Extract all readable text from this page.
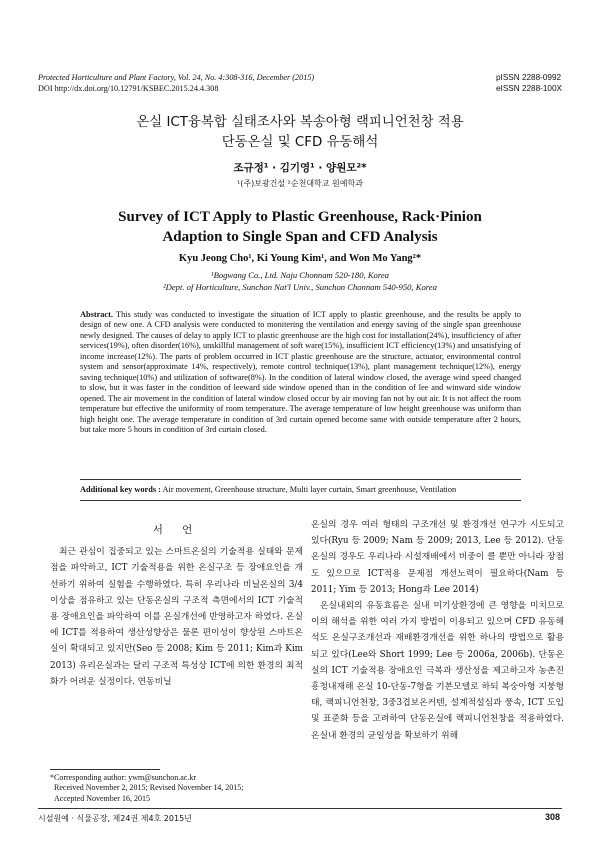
Protected Horticulture and Plant Factory, Vol. 24, No. 4:308-316, December (2015)
DOI http://dx.doi.org/10.12791/KSBEC.2015.24.4.308
pISSN 2288-0992
eISSN 2288-100X
온실 ICT융복합 실태조사와 복송아형 랙피니언천창 적용
단동온실 및 CFD 유동해석
조규정¹ · 김기영¹ · 양원모²*
¹(주)보광건설 ²순천대학교 원예학과
Survey of ICT Apply to Plastic Greenhouse, Rack·Pinion
Adaption to Single Span and CFD Analysis
Kyu Jeong Cho¹, Ki Young Kim¹, and Won Mo Yang²*
¹Bogwang Co., Ltd. Naju Chonnam 520-180, Korea
²Dept. of Horticulture, Sunchon Nat'l Univ., Sunchon Chonnam 540-950, Korea
Abstract. This study was conducted to investigate the situation of ICT apply to plastic greenhouse, and the results be apply to design of new one. A CFD analysis were conducted to monitering the ventilation and energy saving of the single span greenhouse newly designed. The causes of delay to apply ICT to plastic greenhouse are the high cost for installation(24%), insufficiency of after services(19%), often disorder(16%), unskillful management of soft ware(15%), insufficient ICT efficiency(13%) and unsatisfying of income increase(12%). The parts of problem occurred in ICT plastic greenhouse are the structure, actuator, environmental control system and sensor(approximate 14%, respectively), remote control technique(13%), plant management technique(12%), energy saving technique(10%) and utilization of software(8%). In the condition of lateral window closed, the average wind speed changed to slow, but it was faster in the condition of leeward side window opened than in the condition of lee and winward side window opened. The air movement in the condition of lateral window closed occur by air moving fan not by out air. It is not affect the room temperature but effective the uniformity of room temperature. The average temperature of low height greenhouse was uniform than high height one. The average temperature in condition of 3rd curtain opened become same with outside temperature after 2 hours, but take more 5 hours in condition of 3rd curtain closed.
Additional key words : Air movement, Greenhouse structure, Multi layer curtain, Smart greenhouse, Ventilation
서 언

최근 관심이 집중되고 있는 스마트온실의 기술적용 실태와 문제점을 파악하고, ICT 기술적용을 위한 온실구조 등 장애요인을 개선하기 위하여 실험을 수행하였다. 특히 우리나라 비닐온실의 3/4이상을 점유하고 있는 단동온실의 구조적 측면에서의 ICT 기술적용 장애요인을 파악하여 이를 온실개선에 반영하고자 하였다. 온실에 ICT를 적용하여 생산성향상은 물론 편이성이 향상된 스마트온실이 확대되고 있지만(Seo 등 2008; Kim 등 2011; Kim과 Kim 2013) 유리온실과는 달리 구조적 특성상 ICT에 의한 환경의 최적화가 어려운 실정이다. 연동비닐

온실의 경우 여러 형태의 구조개선 및 환경개선 연구가 시도되고 있다(Ryu 등 2009; Nam 등 2009; 2013, Lee 등 2012). 단동온실의 경우도 우리나라 시설재배에서 비중이 클 뿐만 아니라 장점도 있으므로 ICT적용 문제점 개선노력이 필요하다(Nam 등 2011; Yim 등 2013; Hong과 Lee 2014)

온실내외의 유동효름은 실내 미기상환경에 큰 영향을 미치므로 이의 해석을 위한 여러 가지 방법이 이용되고 있으며 CFD 유동해석도 온실구조개선과 재배환경개선을 위한 하나의 방법으로 활용되고 있다(Lee와 Short 1999; Lee 등 2006a, 2006b). 단동온실의 ICT 기술적용 장애요인 극복과 생산성을 제고하고자 농촌진흥청내재해 온실 10-단동-7형을 기본모델로 하되 복숭아형 지붕형태, 랙피니언천창, 3중3겹보온커텐, 설계적설심과 풍속, ICT 도입 및 표준화 등을 고려하여 단동온실에 랙피니언천창을 적용하였다. 온실내 환경의 균일성을 확보하기 위해

*Corresponding author: ywm@sunchon.ac.kr
Received November 2, 2015; Revised November 14, 2015;
Accepted November 16, 2015
시설원예 · 식물공장, 제24권 제4호 2015년	308
